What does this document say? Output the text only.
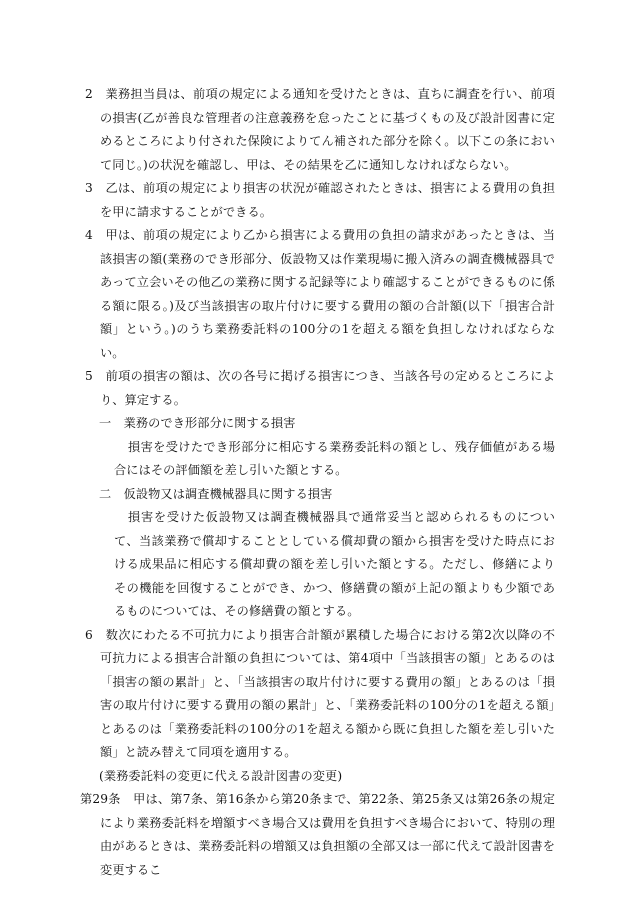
2　業務担当員は、前項の規定による通知を受けたときは、直ちに調査を行い、前項の損害(乙が善良な管理者の注意義務を怠ったことに基づくもの及び設計図書に定めるところにより付された保険によりてん補された部分を除く。以下この条において同じ。)の状況を確認し、甲は、その結果を乙に通知しなければならない。
3　乙は、前項の規定により損害の状況が確認されたときは、損害による費用の負担を甲に請求することができる。
4　甲は、前項の規定により乙から損害による費用の負担の請求があったときは、当該損害の額(業務のでき形部分、仮設物又は作業現場に搬入済みの調査機械器具であって立会いその他乙の業務に関する記録等により確認することができるものに係る額に限る。)及び当該損害の取片付けに要する費用の額の合計額(以下「損害合計額」という。)のうち業務委託料の100分の1を超える額を負担しなければならない。
5　前項の損害の額は、次の各号に掲げる損害につき、当該各号の定めるところにより、算定する。
一　業務のでき形部分に関する損害
損害を受けたでき形部分に相応する業務委託料の額とし、残存価値がある場合にはその評価額を差し引いた額とする。
二　仮設物又は調査機械器具に関する損害
損害を受けた仮設物又は調査機械器具で通常妥当と認められるものについて、当該業務で償却することとしている償却費の額から損害を受けた時点における成果品に相応する償却費の額を差し引いた額とする。ただし、修繕によりその機能を回復することができ、かつ、修繕費の額が上記の額よりも少額であるものについては、その修繕費の額とする。
6　数次にわたる不可抗力により損害合計額が累積した場合における第2次以降の不可抗力による損害合計額の負担については、第4項中「当該損害の額」とあるのは「損害の額の累計」と、「当該損害の取片付けに要する費用の額」とあるのは「損害の取片付けに要する費用の額の累計」と、「業務委託料の100分の1を超える額」とあるのは「業務委託料の100分の1を超える額から既に負担した額を差し引いた額」と読み替えて同項を適用する。
(業務委託料の変更に代える設計図書の変更)
第29条　甲は、第7条、第16条から第20条まで、第22条、第25条又は第26条の規定により業務委託料を増額すべき場合又は費用を負担すべき場合において、特別の理由があるときは、業務委託料の増額又は負担額の全部又は一部に代えて設計図書を変更するこ
